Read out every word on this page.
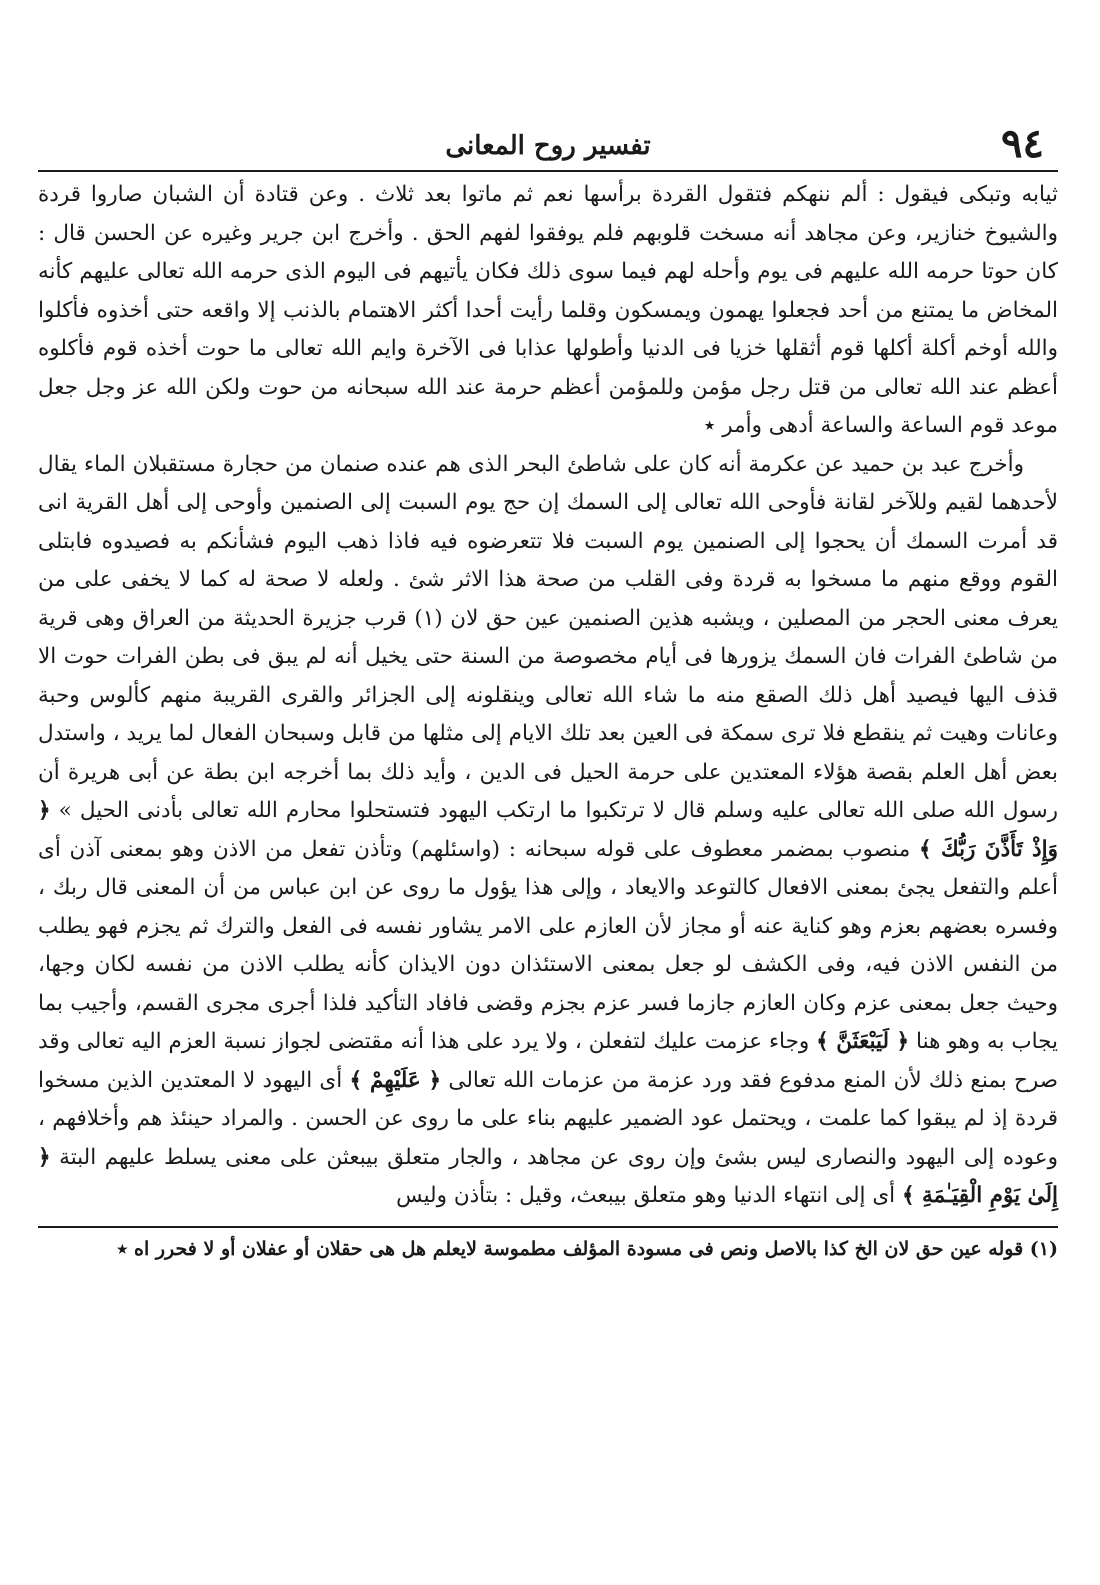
٩٤
تفسير روح المعانى

ثيابه وتبكى فيقول : ألم ننهكم فتقول القردة برأسها نعم ثم ماتوا بعد ثلاث . وعن قتادة أن الشبان صاروا قردة والشيوخ خنازير، وعن مجاهد أنه مسخت قلوبهم فلم يوفقوا لفهم الحق . وأخرج ابن جرير وغيره عن الحسن قال : كان حوتا حرمه الله عليهم فى يوم وأحله لهم فيما سوى ذلك فكان يأتيهم فى اليوم الذى حرمه الله تعالى عليهم كأنه المخاض ما يمتنع من أحد فجعلوا يهمون ويمسكون وقلما رأيت أحدا أكثر الاهتمام بالذنب إلا واقعه حتى أخذوه فأكلوا والله أوخم أكلة أكلها قوم أثقلها خزيا فى الدنيا وأطولها عذابا فى الآخرة وايم الله تعالى ما حوت أخذه قوم فأكلوه أعظم عند الله تعالى من قتل رجل مؤمن وللمؤمن أعظم حرمة عند الله سبحانه من حوت ولكن الله عز وجل جعل موعد قوم الساعة والساعة أدهى وأمر ٭

وأخرج عبد بن حميد عن عكرمة أنه كان على شاطئ البحر الذى هم عنده صنمان من حجارة مستقبلان الماء يقال لأحدهما لقيم وللآخر لقانة فأوحى الله تعالى إلى السمك إن حج يوم السبت إلى الصنمين وأوحى إلى أهل القرية انى قد أمرت السمك أن يحجوا إلى الصنمين يوم السبت فلا تتعرضوه فيه فاذا ذهب اليوم فشأنكم به فصيدوه فابتلى القوم ووقع منهم ما مسخوا به قردة وفى القلب من صحة هذا الاثر شئ . ولعله لا صحة له كما لا يخفى على من يعرف معنى الحجر من المصلين ، ويشبه هذين الصنمين عين حق لان (١) قرب جزيرة الحديثة من العراق وهى قرية من شاطئ الفرات فان السمك يزورها فى أيام مخصوصة من السنة حتى يخيل أنه لم يبق فى بطن الفرات حوت الا قذف اليها فيصيد أهل ذلك الصقع منه ما شاء الله تعالى وينقلونه إلى الجزائر والقرى القريبة منهم كألوس وحبة وعانات وهيت ثم ينقطع فلا ترى سمكة فى العين بعد تلك الايام إلى مثلها من قابل وسبحان الفعال لما يريد ، واستدل بعض أهل العلم بقصة هؤلاء المعتدين على حرمة الحيل فى الدين ، وأيد ذلك بما أخرجه ابن بطة عن أبى هريرة أن رسول الله صلى الله تعالى عليه وسلم قال لا ترتكبوا ما ارتكب اليهود فتستحلوا محارم الله تعالى بأدنى الحيل » ﴿ وَإِذْ تَأَذَّنَ رَبُّكَ ﴾ منصوب بمضمر معطوف على قوله سبحانه : (واسئلهم) وتأذن تفعل من الاذن وهو بمعنى آذن أى أعلم والتفعل يجئ بمعنى الافعال كالتوعد والايعاد ، وإلى هذا يؤول ما روى عن ابن عباس من أن المعنى قال ربك ، وفسره بعضهم بعزم وهو كناية عنه أو مجاز لأن العازم على الامر يشاور نفسه فى الفعل والترك ثم يجزم فهو يطلب من النفس الاذن فيه، وفى الكشف لو جعل بمعنى الاستئذان دون الايذان كأنه يطلب الاذن من نفسه لكان وجها، وحيث جعل بمعنى عزم وكان العازم جازما فسر عزم بجزم وقضى فافاد التأكيد فلذا أجرى مجرى القسم، وأجيب بما يجاب به وهو هنا ﴿ لَيَبْعَثَنَّ ﴾ وجاء عزمت عليك لتفعلن ، ولا يرد على هذا أنه مقتضى لجواز نسبة العزم اليه تعالى وقد صرح بمنع ذلك لأن المنع مدفوع فقد ورد عزمة من عزمات الله تعالى ﴿ عَلَيْهِمْ ﴾ أى اليهود لا المعتدين الذين مسخوا قردة إذ لم يبقوا كما علمت ، ويحتمل عود الضمير عليهم بناء على ما روى عن الحسن . والمراد حينئذ هم وأخلافهم ، وعوده إلى اليهود والنصارى ليس بشئ وإن روى عن مجاهد ، والجار متعلق بيبعثن على معنى يسلط عليهم البتة ﴿ إِلَىٰ يَوْمِ الْقِيَـٰمَةِ ﴾ أى إلى انتهاء الدنيا وهو متعلق بيبعث، وقيل : بتأذن وليس

(١) قوله عين حق لان الخ كذا بالاصل ونص فى مسودة المؤلف مطموسة لايعلم هل هى حقلان أو عفلان أو لا فحرر اه ٭
